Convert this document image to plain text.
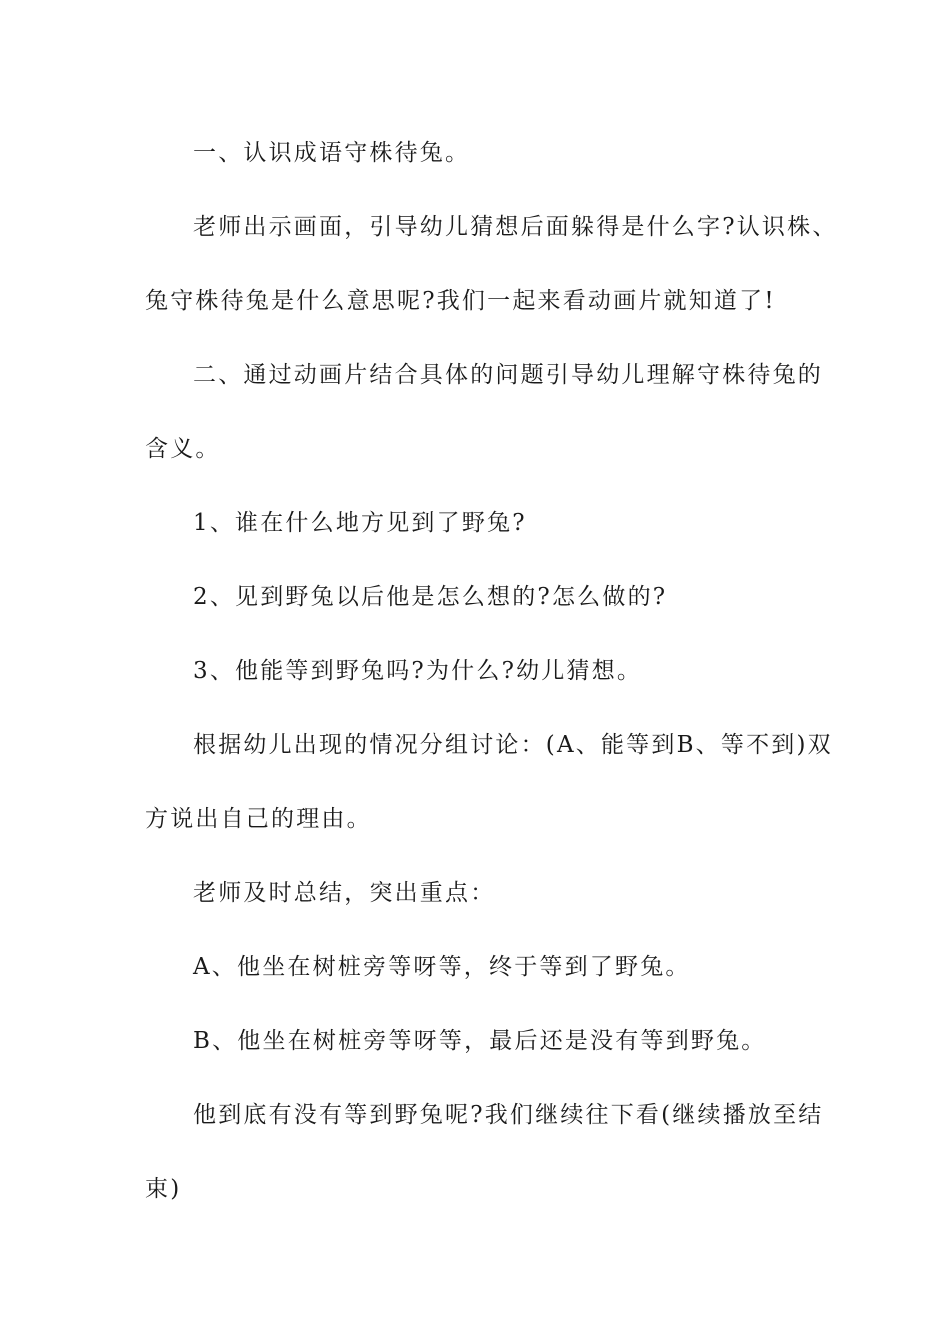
一、认识成语守株待兔。
老师出示画面，引导幼儿猜想后面躲得是什么字?认识株、
兔守株待兔是什么意思呢?我们一起来看动画片就知道了!
二、通过动画片结合具体的问题引导幼儿理解守株待兔的
含义。
1、谁在什么地方见到了野兔?
2、见到野兔以后他是怎么想的?怎么做的?
3、他能等到野兔吗?为什么?幼儿猜想。
根据幼儿出现的情况分组讨论：(A、能等到B、等不到)双
方说出自己的理由。
老师及时总结，突出重点：
A、他坐在树桩旁等呀等，终于等到了野兔。
B、他坐在树桩旁等呀等，最后还是没有等到野兔。
他到底有没有等到野兔呢?我们继续往下看(继续播放至结
束)
